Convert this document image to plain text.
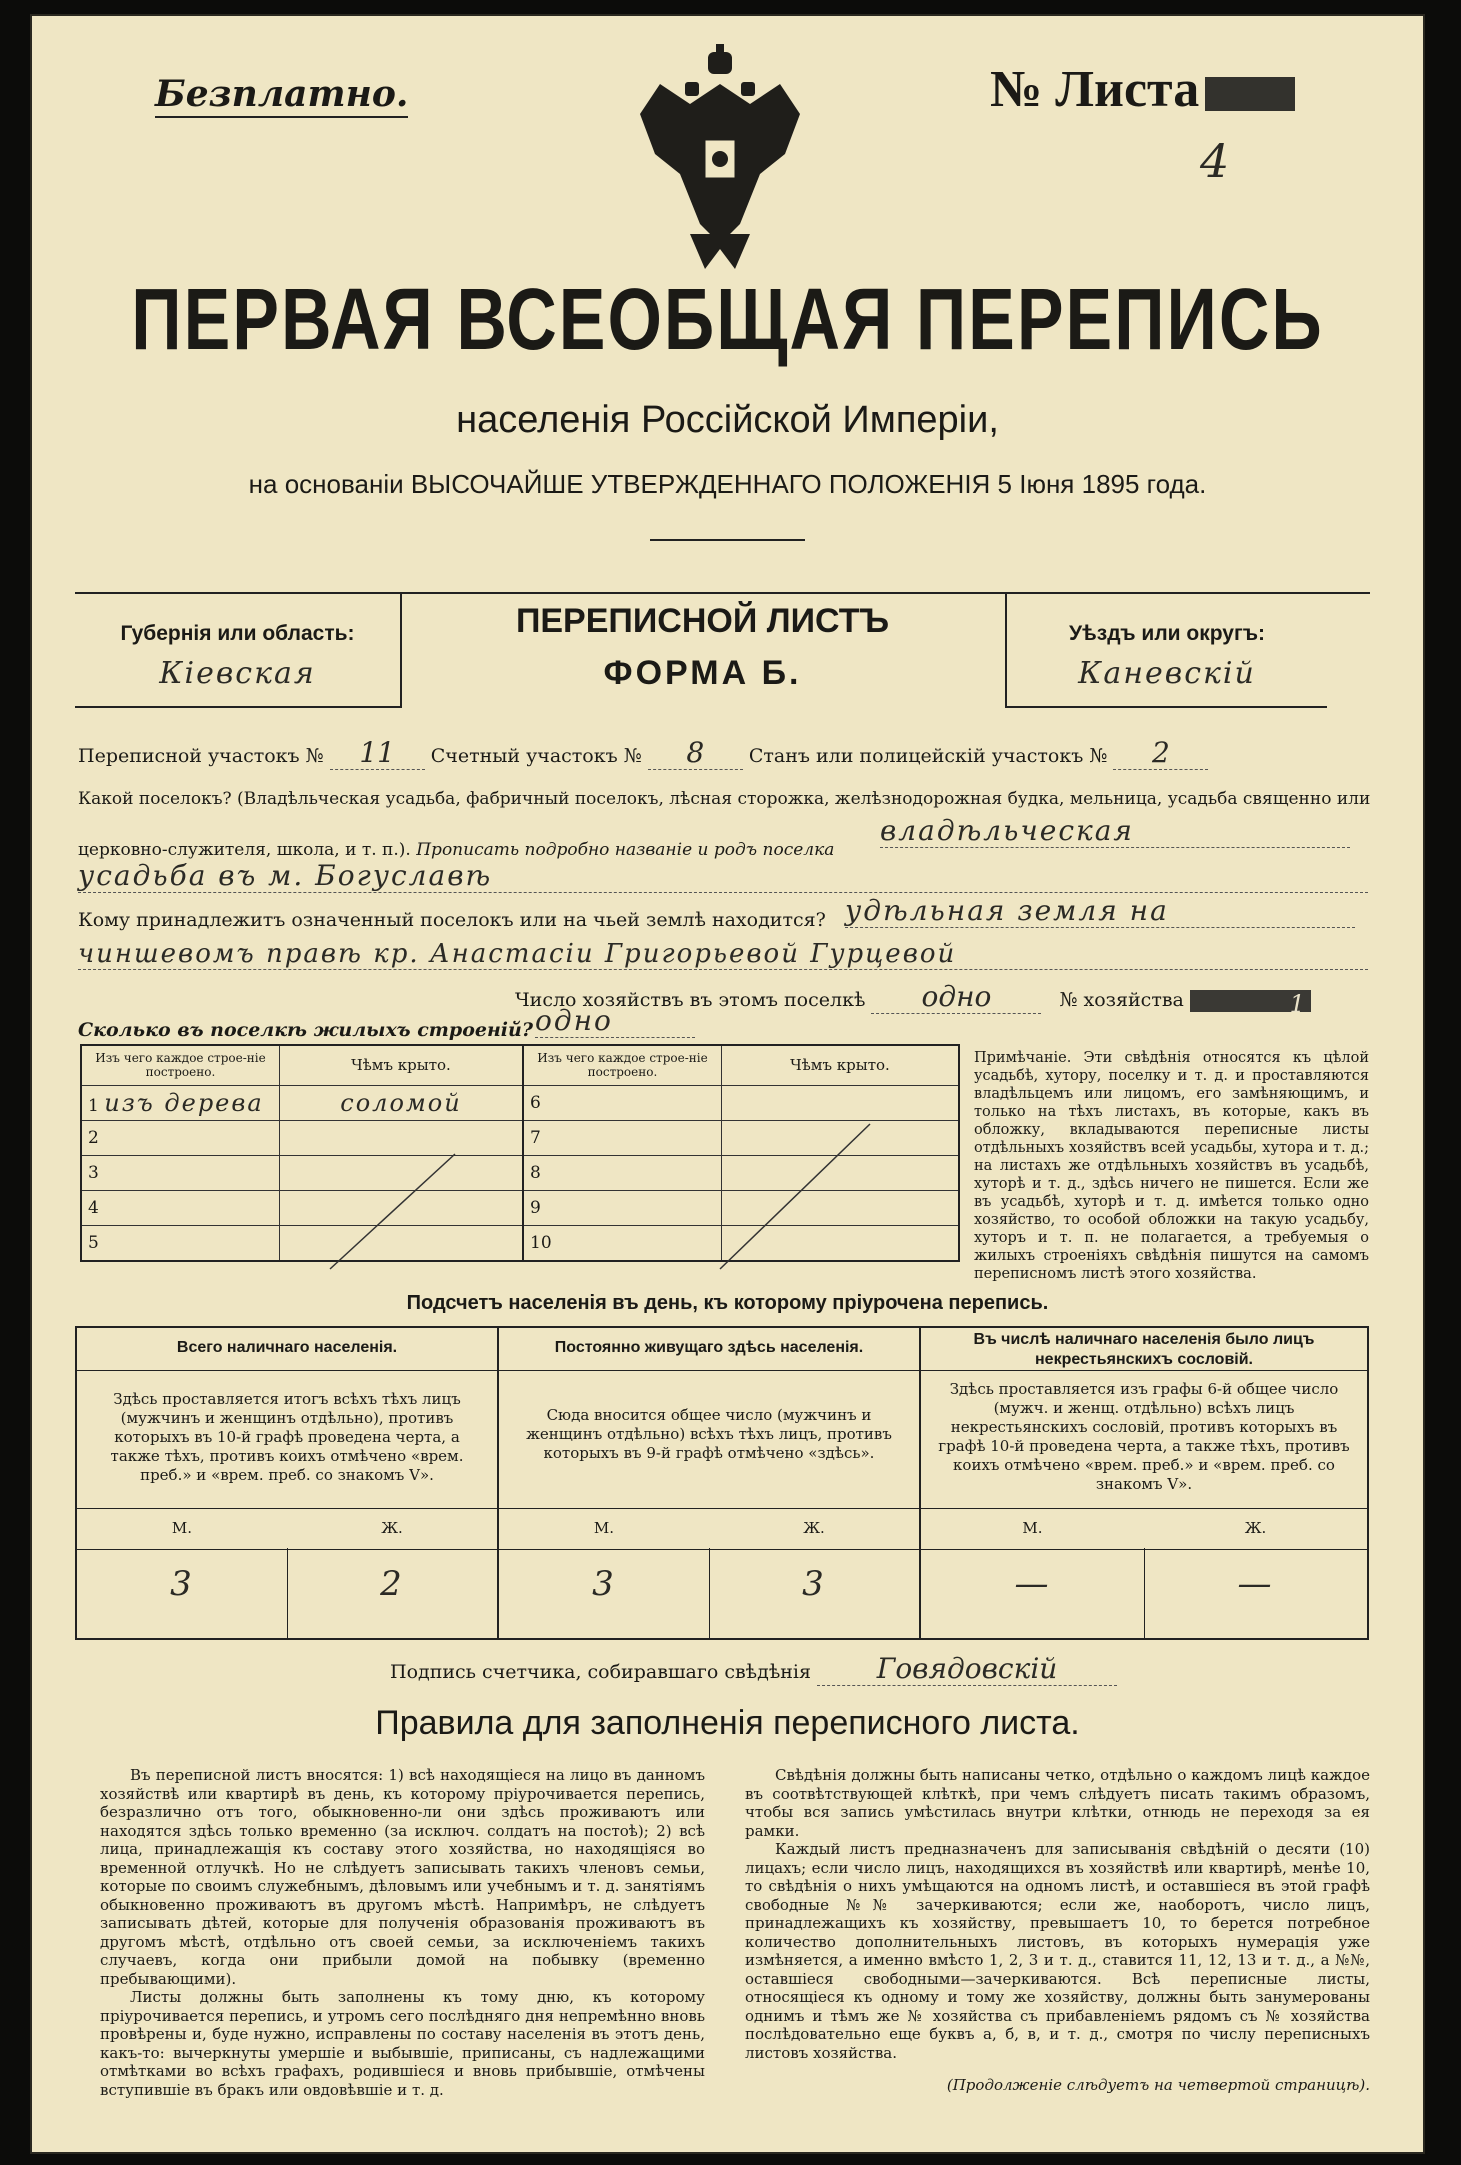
Безплатно.	№ Листа
4
ПЕРВАЯ ВСЕОБЩАЯ ПЕРЕПИСЬ
населенія Россійской Имперіи,
на основаніи ВЫСОЧАЙШЕ УТВЕРЖДЕННАГО ПОЛОЖЕНІЯ 5 Іюня 1895 года.
Губернія или область:
Кіевская
ПЕРЕПИСНОЙ ЛИСТЪ
ФОРМА Б.
Уѣздъ или округъ:
Каневскій
Переписной участокъ № 11 Счетный участокъ № 8 Станъ или полицейскій участокъ № 2
Какой поселокъ? (Владѣльческая усадьба, фабричный поселокъ, лѣсная сторожка, желѣзнодорожная будка, мельница, усадьба священно или
церковно-служителя, школа, и т. п.). Прописать подробно названіе и родъ поселка
владѣльческая
усадьба въ м. Богуславѣ
Кому принадлежитъ означенный поселокъ или на чьей землѣ находится? удѣльная земля на
чиншевомъ правѣ кр. Анастасіи Григорьевой Гурцевой
Число хозяйствъ въ этомъ поселкѣ одно	№ хозяйства	1
Сколько въ поселкѣ жилыхъ строеній? одно
Изъ чего каждое строе-ніе построено.	Чѣмъ крыто.	Изъ чего каждое строе-ніе построено.	Чѣмъ крыто.
1 изъ дерева	соломой	6	
2		7	
3		8	
4		9	
5		10	
Примѣчаніе. Эти свѣдѣнія относятся къ цѣлой усадьбѣ, хутору, поселку и т. д. и проставляются владѣльцемъ или лицомъ, его замѣняющимъ, и только на тѣхъ листахъ, въ которые, какъ въ обложку, вкладываются переписные листы отдѣльныхъ хозяйствъ всей усадьбы, хутора и т. д.; на листахъ же отдѣльныхъ хозяйствъ въ усадьбѣ, хуторѣ и т. д., здѣсь ничего не пишется. Если же въ усадьбѣ, хуторѣ и т. д. имѣется только одно хозяйство, то особой обложки на такую усадьбу, хуторъ и т. п. не полагается, а требуемыя о жилыхъ строеніяхъ свѣдѣнія пишутся на самомъ переписномъ листѣ этого хозяйства.
Подсчетъ населенія въ день, къ которому пріурочена перепись.
Всего наличнаго населенія.
Здѣсь проставляется итогъ всѣхъ тѣхъ лицъ (мужчинъ и женщинъ отдѣльно), противъ которыхъ въ 10-й графѣ проведена черта, а также тѣхъ, противъ коихъ отмѣчено «врем. преб.» и «врем. преб. со знакомъ V».
М.	Ж.
3	2
Постоянно живущаго здѣсь населенія.
Сюда вносится общее число (мужчинъ и женщинъ отдѣльно) всѣхъ тѣхъ лицъ, противъ которыхъ въ 9-й графѣ отмѣчено «здѣсь».
М.	Ж.
3	3
Въ числѣ наличнаго населенія было лицъ некрестьянскихъ сословій.
Здѣсь проставляется изъ графы 6-й общее число (мужч. и женщ. отдѣльно) всѣхъ лицъ некрестьянскихъ сословій, противъ которыхъ въ графѣ 10-й проведена черта, а также тѣхъ, противъ коихъ отмѣчено «врем. преб.» и «врем. преб. со знакомъ V».
М.	Ж.
—	—
Подпись счетчика, собиравшаго свѣдѣнія Говядовскій
Правила для заполненія переписного листа.

Въ переписной листъ вносятся: 1) всѣ находящіеся на лицо въ данномъ хозяйствѣ или квартирѣ въ день, къ которому пріурочивается перепись, безразлично отъ того, обыкновенно-ли они здѣсь проживаютъ или находятся здѣсь только временно (за исключ. солдатъ на постоѣ); 2) всѣ лица, принадлежащія къ составу этого хозяйства, но находящіяся во временной отлучкѣ. Но не слѣдуетъ записывать такихъ членовъ семьи, которые по своимъ служебнымъ, дѣловымъ или учебнымъ и т. д. занятіямъ обыкновенно проживаютъ въ другомъ мѣстѣ. Напримѣръ, не слѣдуетъ записывать дѣтей, которые для полученія образованія проживаютъ въ другомъ мѣстѣ, отдѣльно отъ своей семьи, за исключеніемъ такихъ случаевъ, когда они прибыли домой на побывку (временно пребывающими).

Листы должны быть заполнены къ тому дню, къ которому пріурочивается перепись, и утромъ сего послѣдняго дня непремѣнно вновь провѣрены и, буде нужно, исправлены по составу населенія въ этотъ день, какъ-то: вычеркнуты умершіе и выбывшіе, приписаны, съ надлежащими отмѣтками во всѣхъ графахъ, родившіеся и вновь прибывшіе, отмѣчены вступившіе въ бракъ или овдовѣвшіе и т. д.

Свѣдѣнія должны быть написаны четко, отдѣльно о каждомъ лицѣ каждое въ соотвѣтствующей клѣткѣ, при чемъ слѣдуетъ писать такимъ образомъ, чтобы вся запись умѣстилась внутри клѣтки, отнюдь не переходя за ея рамки.

Каждый листъ предназначенъ для записыванія свѣдѣній о десяти (10) лицахъ; если число лицъ, находящихся въ хозяйствѣ или квартирѣ, менѣе 10, то свѣдѣнія о нихъ умѣщаются на одномъ листѣ, и оставшіеся въ этой графѣ свободные №№ зачеркиваются; если же, наоборотъ, число лицъ, принадлежащихъ къ хозяйству, превышаетъ 10, то берется потребное количество дополнительныхъ листовъ, въ которыхъ нумерація уже измѣняется, а именно вмѣсто 1, 2, 3 и т. д., ставится 11, 12, 13 и т. д., а №№, оставшіеся свободными—зачеркиваются. Всѣ переписные листы, относящіеся къ одному и тому же хозяйству, должны быть занумерованы однимъ и тѣмъ же № хозяйства съ прибавленіемъ рядомъ съ № хозяйства послѣдовательно еще буквъ а, б, в, и т. д., смотря по числу переписныхъ листовъ хозяйства.

(Продолженіе слѣдуетъ на четвертой страницѣ).
